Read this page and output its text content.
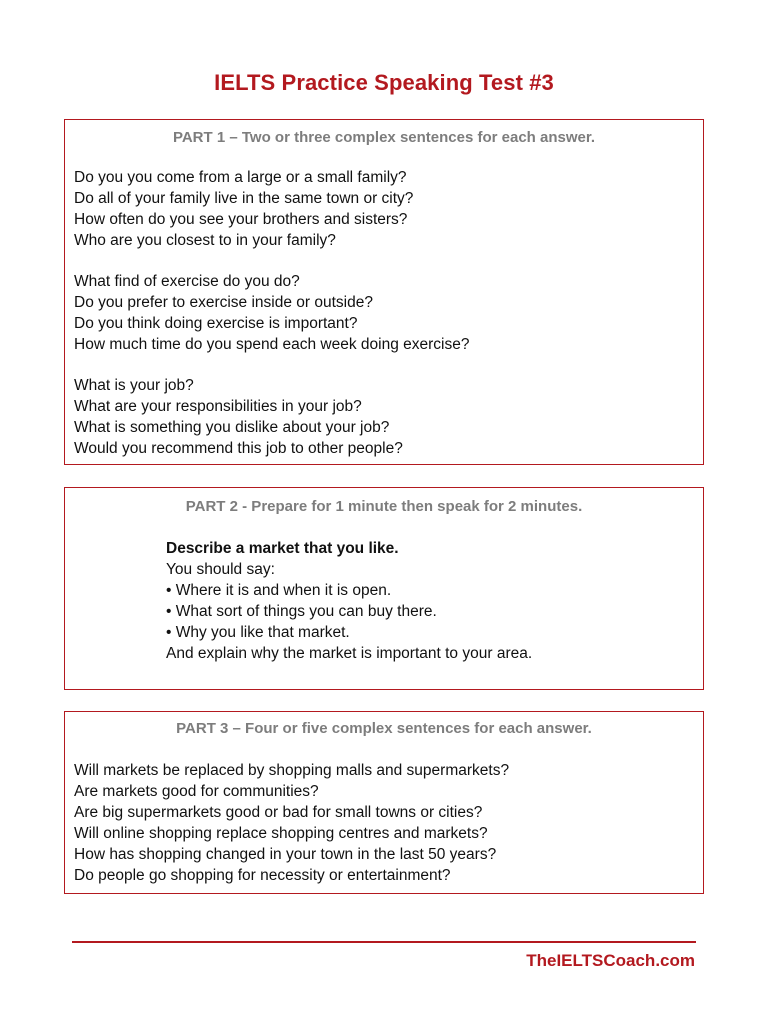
IELTS Practice Speaking Test #3
PART 1 – Two or three complex sentences for each answer.
Do you you come from a large or a small family?
Do all of your family live in the same town or city?
How often do you see your brothers and sisters?
Who are you closest to in your family?
What find of exercise do you do?
Do you prefer to exercise inside or outside?
Do you think doing exercise is important?
How much time do you spend each week doing exercise?
What is your job?
What are your responsibilities in your job?
What is something you dislike about your job?
Would you recommend this job to other people?
PART 2 - Prepare for 1 minute then speak for 2 minutes.
Describe a market that you like.
You should say:
• Where it is and when it is open.
• What sort of things you can buy there.
• Why you like that market.
And explain why the market is important to your area.
PART 3 – Four or five complex sentences for each answer.
Will markets be replaced by shopping malls and supermarkets?
Are markets good for communities?
Are big supermarkets good or bad for small towns or cities?
Will online shopping replace shopping centres and markets?
How has shopping changed in your town in the last 50 years?
Do people go shopping for necessity or entertainment?
TheIELTSCoach.com
